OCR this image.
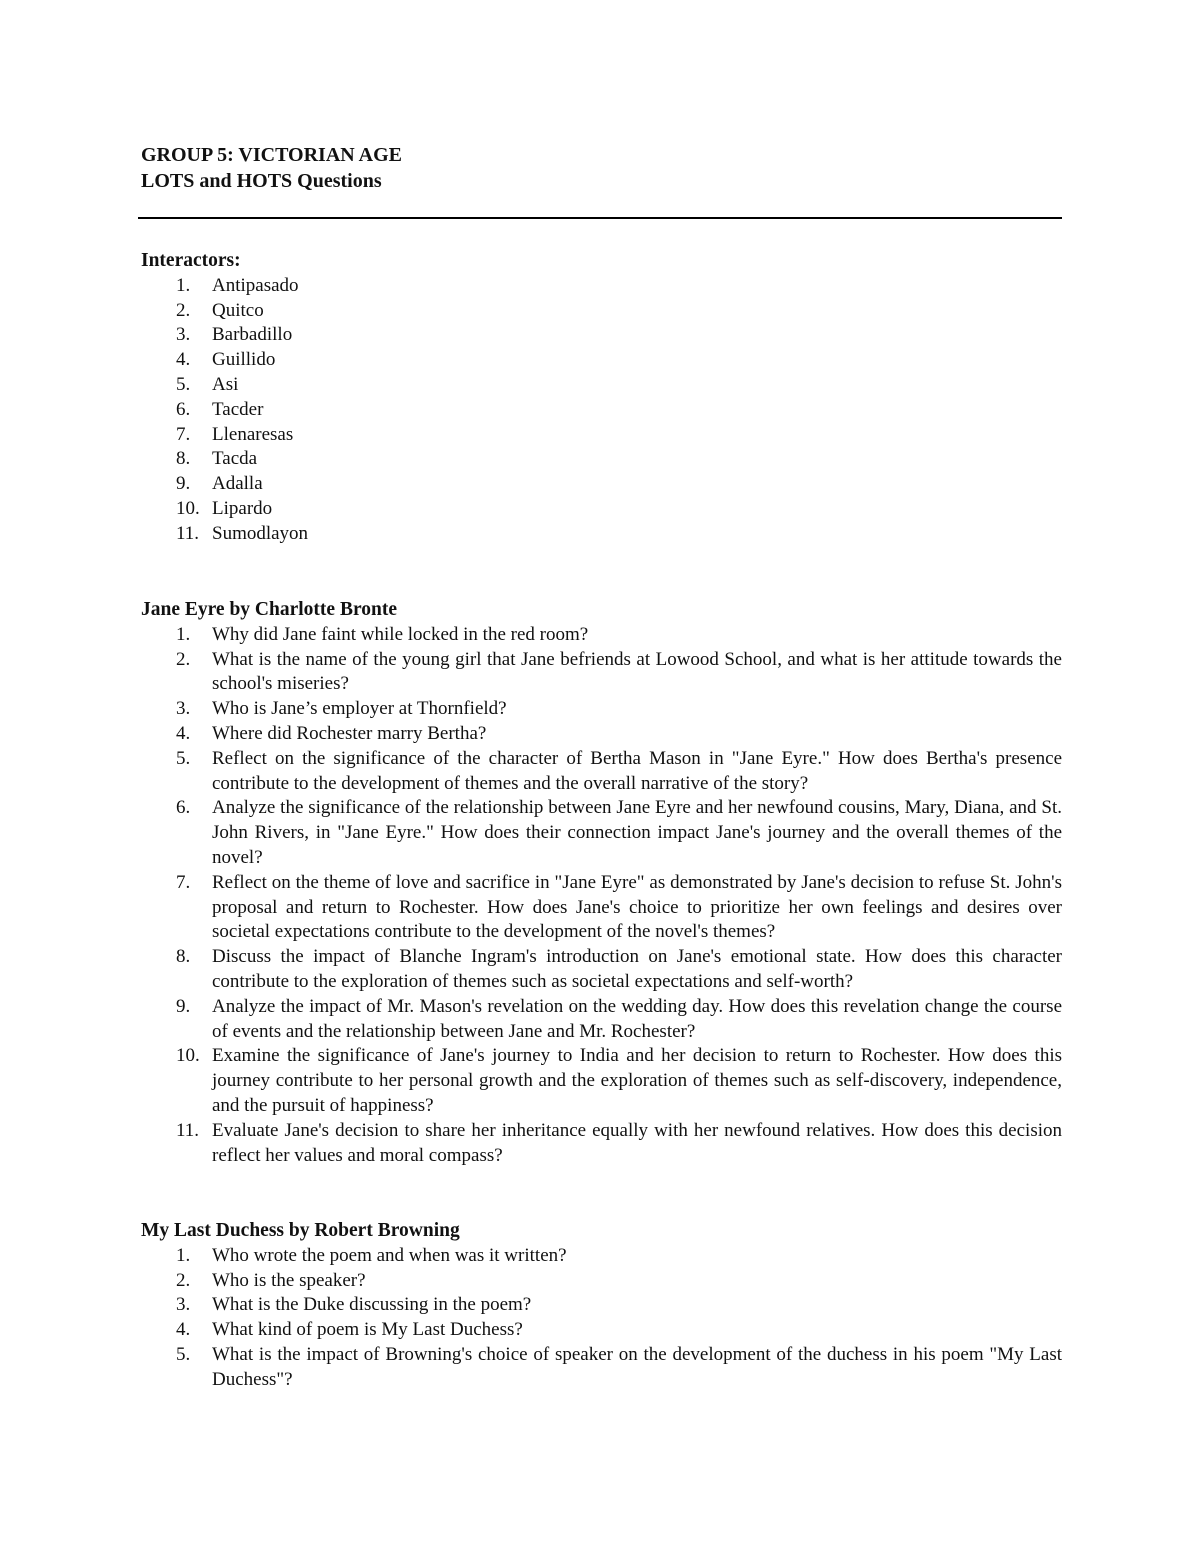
GROUP 5: VICTORIAN AGE
LOTS and HOTS Questions
Interactors:
1. Antipasado
2. Quitco
3. Barbadillo
4. Guillido
5. Asi
6. Tacder
7. Llenaresas
8. Tacda
9. Adalla
10. Lipardo
11. Sumodlayon
Jane Eyre by Charlotte Bronte
1. Why did Jane faint while locked in the red room?
2. What is the name of the young girl that Jane befriends at Lowood School, and what is her attitude towards the school's miseries?
3. Who is Jane’s employer at Thornfield?
4. Where did Rochester marry Bertha?
5. Reflect on the significance of the character of Bertha Mason in "Jane Eyre." How does Bertha's presence contribute to the development of themes and the overall narrative of the story?
6. Analyze the significance of the relationship between Jane Eyre and her newfound cousins, Mary, Diana, and St. John Rivers, in "Jane Eyre." How does their connection impact Jane's journey and the overall themes of the novel?
7. Reflect on the theme of love and sacrifice in "Jane Eyre" as demonstrated by Jane's decision to refuse St. John's proposal and return to Rochester. How does Jane's choice to prioritize her own feelings and desires over societal expectations contribute to the development of the novel's themes?
8. Discuss the impact of Blanche Ingram's introduction on Jane's emotional state. How does this character contribute to the exploration of themes such as societal expectations and self-worth?
9. Analyze the impact of Mr. Mason's revelation on the wedding day. How does this revelation change the course of events and the relationship between Jane and Mr. Rochester?
10. Examine the significance of Jane's journey to India and her decision to return to Rochester. How does this journey contribute to her personal growth and the exploration of themes such as self-discovery, independence, and the pursuit of happiness?
11. Evaluate Jane's decision to share her inheritance equally with her newfound relatives. How does this decision reflect her values and moral compass?
My Last Duchess by Robert Browning
1. Who wrote the poem and when was it written?
2. Who is the speaker?
3. What is the Duke discussing in the poem?
4. What kind of poem is My Last Duchess?
5. What is the impact of Browning's choice of speaker on the development of the duchess in his poem "My Last Duchess"?
